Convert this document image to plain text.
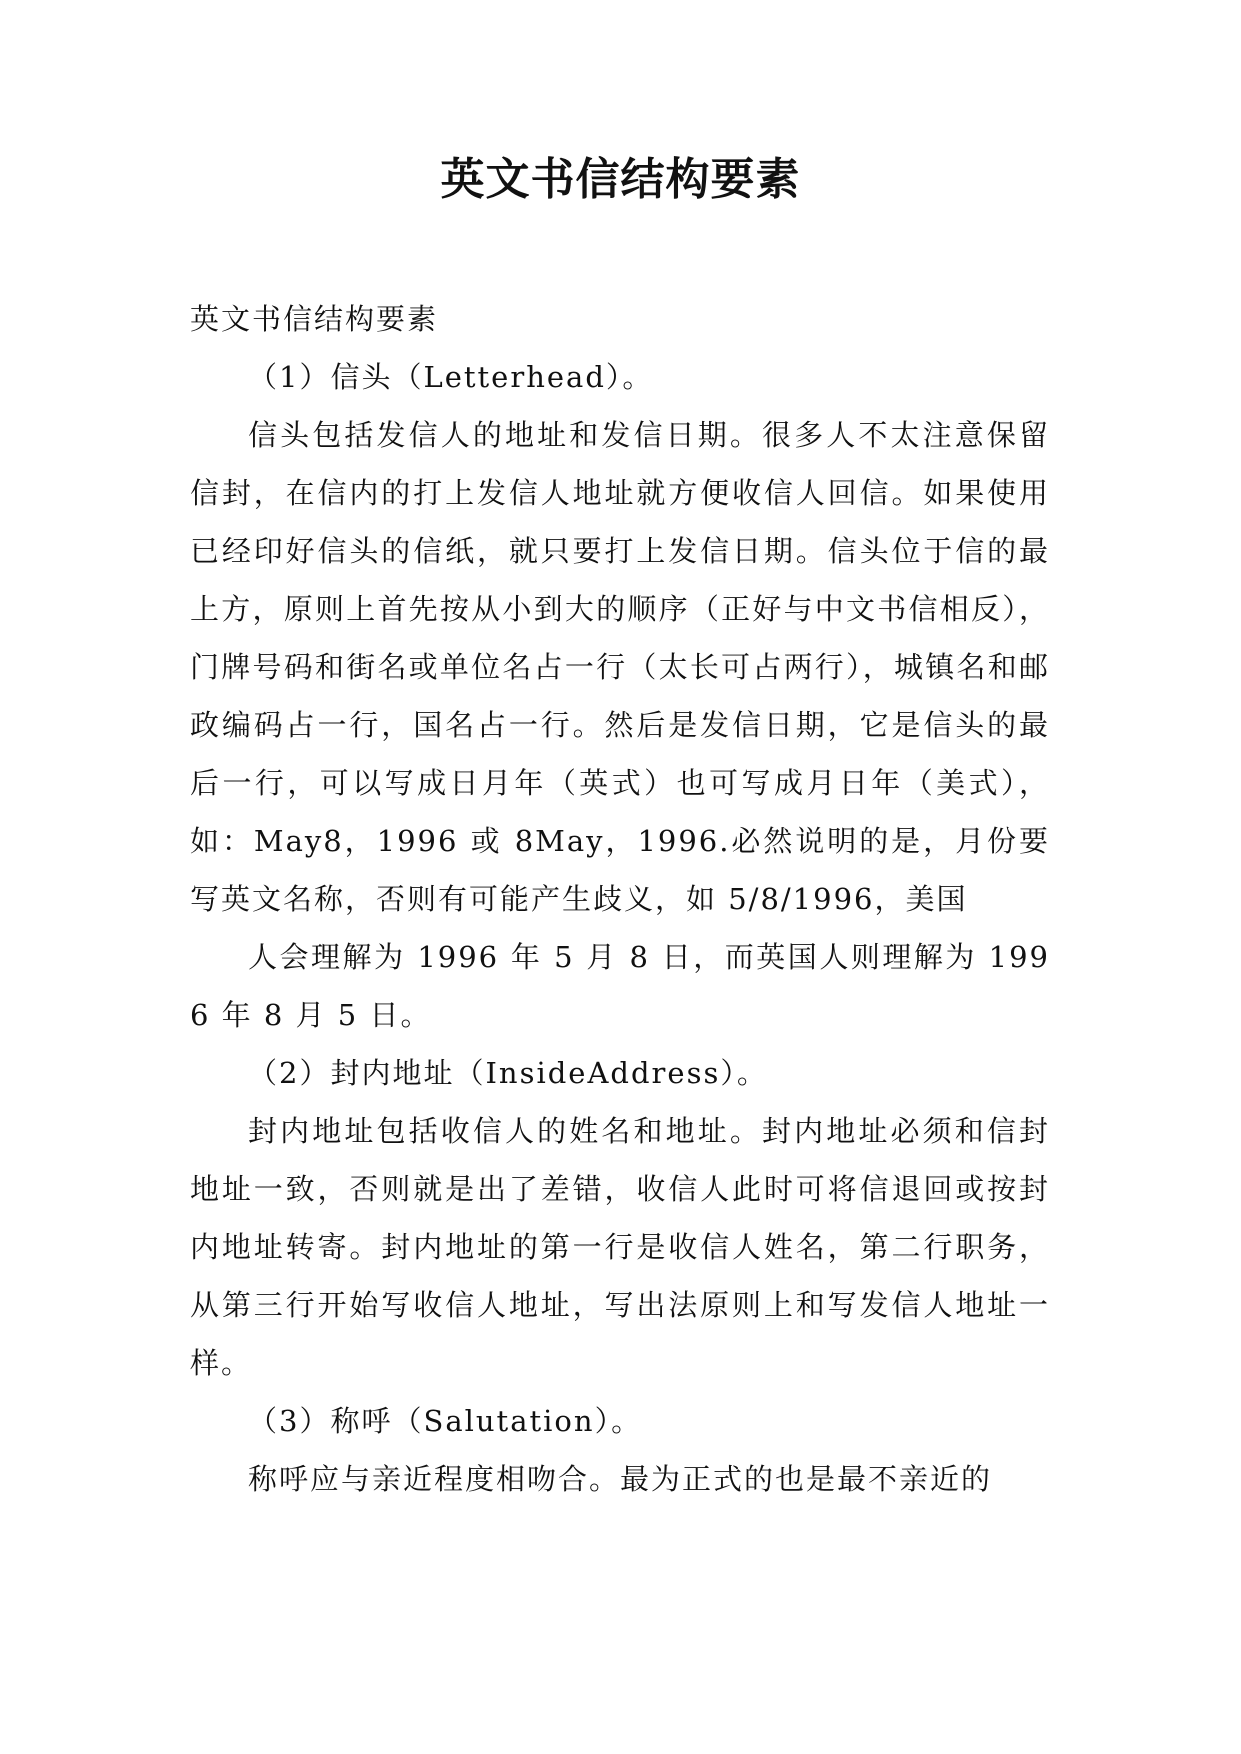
英文书信结构要素

英文书信结构要素

（1）信头（Letterhead）。

信头包括发信人的地址和发信日期。很多人不太注意保留信封，在信内的打上发信人地址就方便收信人回信。如果使用已经印好信头的信纸，就只要打上发信日期。信头位于信的最上方，原则上首先按从小到大的顺序（正好与中文书信相反），门牌号码和街名或单位名占一行（太长可占两行），城镇名和邮政编码占一行，国名占一行。然后是发信日期，它是信头的最后一行，可以写成日月年（英式）也可写成月日年（美式），如：May8，1996 或 8May，1996.必然说明的是，月份要写英文名称，否则有可能产生歧义，如 5/8/1996，美国

人会理解为 1996 年 5 月 8 日，而英国人则理解为 1996 年 8 月 5 日。

（2）封内地址（InsideAddress）。

封内地址包括收信人的姓名和地址。封内地址必须和信封地址一致，否则就是出了差错，收信人此时可将信退回或按封内地址转寄。封内地址的第一行是收信人姓名，第二行职务，从第三行开始写收信人地址，写出法原则上和写发信人地址一样。

（3）称呼（Salutation）。

称呼应与亲近程度相吻合。最为正式的也是最不亲近的
